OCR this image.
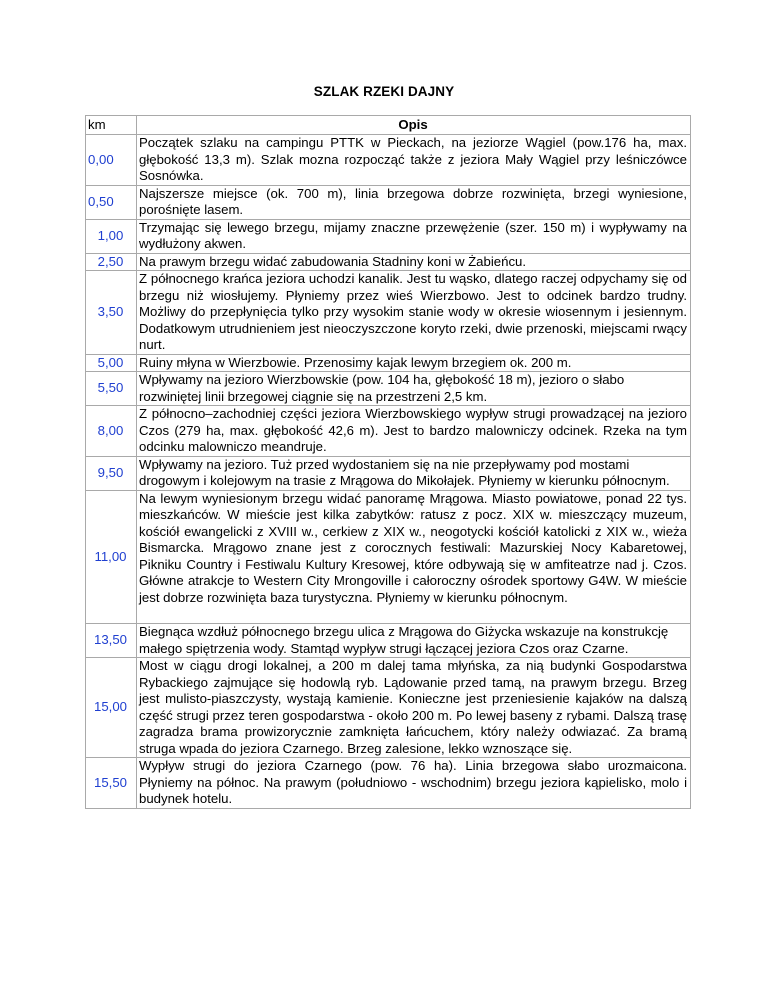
SZLAK RZEKI DAJNY
km	Opis
0,00	Początek szlaku na campingu PTTK w Pieckach, na jeziorze Wągiel (pow.176 ha, max. głębokość 13,3 m). Szlak mozna rozpocząć także z jeziora Mały Wągiel przy leśniczówce Sosnówka.
0,50	Najszersze miejsce (ok. 700 m), linia brzegowa dobrze rozwinięta, brzegi wyniesione, porośnięte lasem.
1,00	Trzymając się lewego brzegu, mijamy znaczne przewężenie (szer. 150 m) i wypływamy na wydłużony akwen.
2,50	Na prawym brzegu widać zabudowania Stadniny koni w Żabieńcu.
3,50	Z północnego krańca jeziora uchodzi kanalik. Jest tu wąsko, dlatego raczej odpychamy się od brzegu niż wiosłujemy. Płyniemy przez wieś Wierzbowo. Jest to odcinek bardzo trudny. Możliwy do przepłynięcia tylko przy wysokim stanie wody w okresie wiosennym i jesiennym. Dodatkowym utrudnieniem jest nieoczyszczone koryto rzeki, dwie przenoski, miejscami rwący nurt.
5,00	Ruiny młyna w Wierzbowie. Przenosimy kajak lewym brzegiem ok. 200 m.
5,50	Wpływamy na jezioro Wierzbowskie (pow. 104 ha, głębokość 18 m), jezioro o słabo rozwiniętej linii brzegowej ciągnie się na przestrzeni 2,5 km.
8,00	Z północno–zachodniej części jeziora Wierzbowskiego wypływ strugi prowadzącej na jezioro Czos (279 ha, max. głębokość 42,6 m). Jest to bardzo malowniczy odcinek. Rzeka na tym odcinku malowniczo meandruje.
9,50	Wpływamy na jezioro. Tuż przed wydostaniem się na nie przepływamy pod mostami drogowym i kolejowym na trasie z Mrągowa do Mikołajek. Płyniemy w kierunku północnym.
11,00	Na lewym wyniesionym brzegu widać panoramę Mrągowa. Miasto powiatowe, ponad 22 tys. mieszkańców. W mieście jest kilka zabytków: ratusz z pocz. XIX w. mieszczący muzeum, kościół ewangelicki z XVIII w., cerkiew z XIX w., neogotycki kościół katolicki z XIX w., wieża Bismarcka. Mrągowo znane jest z corocznych festiwali: Mazurskiej Nocy Kabaretowej, Pikniku Country i Festiwalu Kultury Kresowej, które odbywają się w amfiteatrze nad j. Czos. Główne atrakcje to Western City Mrongoville i całoroczny ośrodek sportowy G4W. W mieście jest dobrze rozwinięta baza turystyczna. Płyniemy w kierunku północnym.
13,50	Biegnąca wzdłuż północnego brzegu ulica z Mrągowa do Giżycka wskazuje na konstrukcję małego spiętrzenia wody. Stamtąd wypływ strugi łączącej jeziora Czos oraz Czarne.
15,00	Most w ciągu drogi lokalnej, a 200 m dalej tama młyńska, za nią budynki Gospodarstwa Rybackiego zajmujące się hodowlą ryb. Lądowanie przed tamą, na prawym brzegu. Brzeg jest mulisto-piaszczysty, wystają kamienie. Konieczne jest przeniesienie kajaków na dalszą część strugi przez teren gospodarstwa - około 200 m. Po lewej baseny z rybami. Dalszą trasę zagradza brama prowizorycznie zamknięta łańcuchem, który należy odwiazać. Za bramą struga wpada do jeziora Czarnego. Brzeg zalesione, lekko wznoszące się.
15,50	Wypływ strugi do jeziora Czarnego (pow. 76 ha). Linia brzegowa słabo urozmaicona. Płyniemy na północ. Na prawym (południowo - wschodnim) brzegu jeziora kąpielisko, molo i budynek hotelu.
